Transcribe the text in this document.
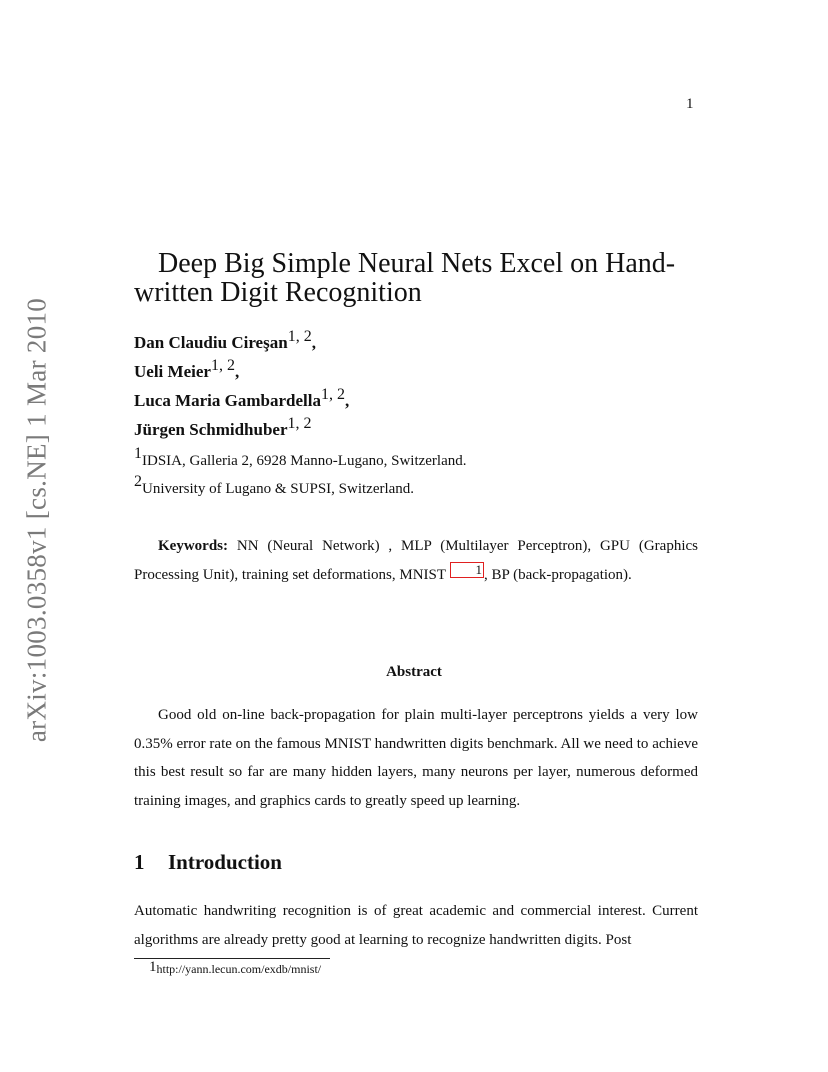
1
arXiv:1003.0358v1 [cs.NE] 1 Mar 2010
Deep Big Simple Neural Nets Excel on Hand-
written Digit Recognition
Dan Claudiu Cireşan$^{1, 2}$,
Ueli Meier$^{1, 2}$,
Luca Maria Gambardella$^{1, 2}$,
Jürgen Schmidhuber$^{1, 2}$
$^1$IDSIA, Galleria 2, 6928 Manno-Lugano, Switzerland.
$^2$University of Lugano & SUPSI, Switzerland.
Keywords: NN (Neural Network) , MLP (Multilayer Perceptron), GPU (Graphics Processing Unit), training set deformations, MNIST 1 , BP (back-propagation).
Abstract
Good old on-line back-propagation for plain multi-layer perceptrons yields a very low 0.35% error rate on the famous MNIST handwritten digits benchmark. All we need to achieve this best result so far are many hidden layers, many neurons per layer, numerous deformed training images, and graphics cards to greatly speed up learning.
1 Introduction
Automatic handwriting recognition is of great academic and commercial interest. Current algorithms are already pretty good at learning to recognize handwritten digits. Post
$^1$http://yann.lecun.com/exdb/mnist/
